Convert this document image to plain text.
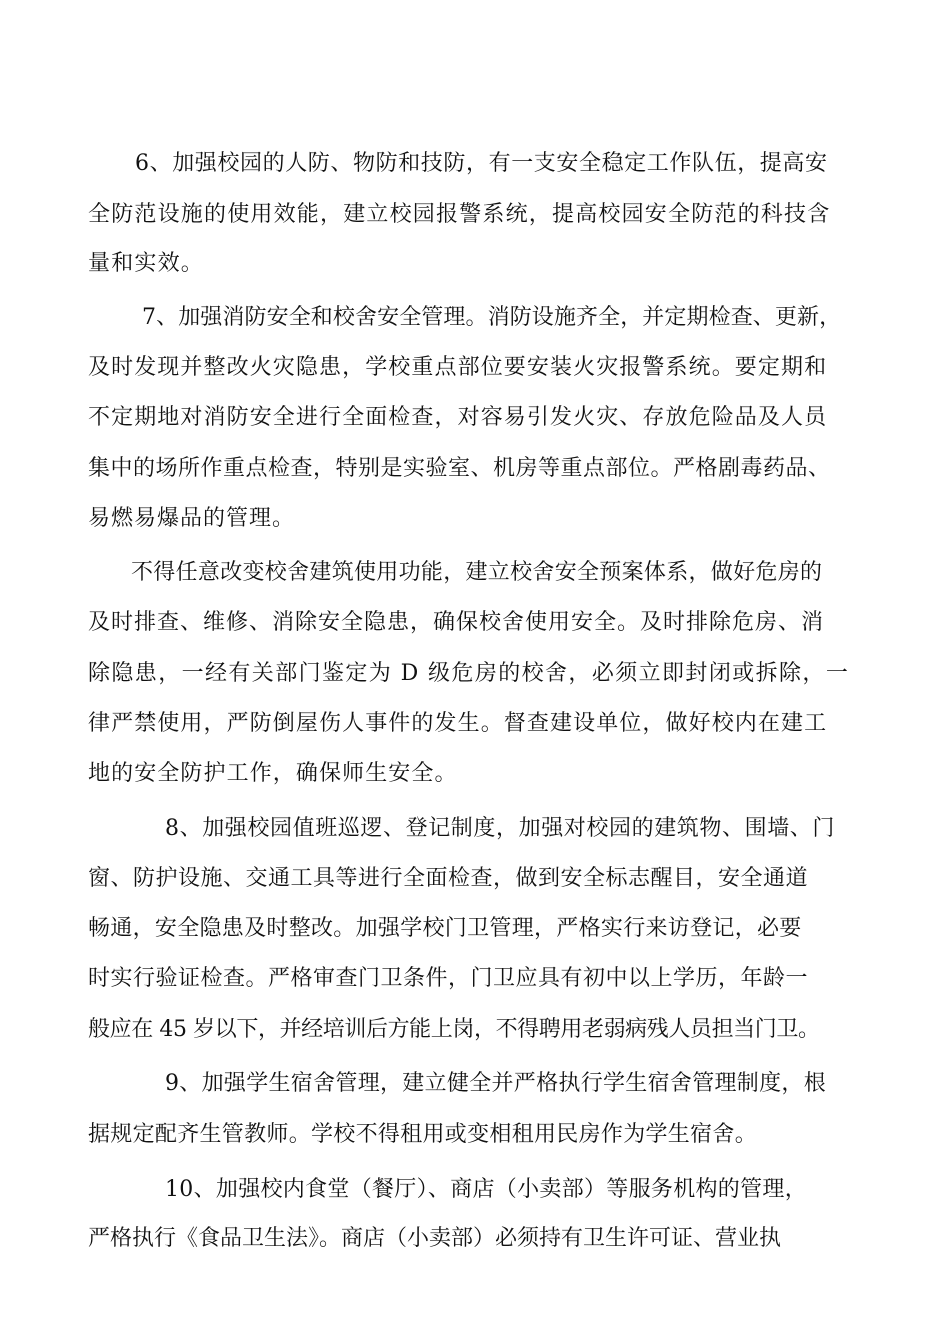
6、加强校园的人防、物防和技防，有一支安全稳定工作队伍，提高安
全防范设施的使用效能，建立校园报警系统，提高校园安全防范的科技含
量和实效。
7、加强消防安全和校舍安全管理。消防设施齐全，并定期检查、更新，
及时发现并整改火灾隐患，学校重点部位要安装火灾报警系统。要定期和
不定期地对消防安全进行全面检查，对容易引发火灾、存放危险品及人员
集中的场所作重点检查，特别是实验室、机房等重点部位。严格剧毒药品、
易燃易爆品的管理。
不得任意改变校舍建筑使用功能，建立校舍安全预案体系，做好危房的
及时排查、维修、消除安全隐患，确保校舍使用安全。及时排除危房、消
除隐患，一经有关部门鉴定为 D 级危房的校舍，必须立即封闭或拆除，一
律严禁使用，严防倒屋伤人事件的发生。督查建设单位，做好校内在建工
地的安全防护工作，确保师生安全。
8、加强校园值班巡逻、登记制度，加强对校园的建筑物、围墙、门
窗、防护设施、交通工具等进行全面检查，做到安全标志醒目，安全通道
畅通，安全隐患及时整改。加强学校门卫管理，严格实行来访登记，必要
时实行验证检查。严格审查门卫条件，门卫应具有初中以上学历，年龄一
般应在 45 岁以下，并经培训后方能上岗，不得聘用老弱病残人员担当门卫。
9、加强学生宿舍管理，建立健全并严格执行学生宿舍管理制度，根
据规定配齐生管教师。学校不得租用或变相租用民房作为学生宿舍。
10、加强校内食堂（餐厅）、商店（小卖部）等服务机构的管理，
严格执行《食品卫生法》。商店（小卖部）必须持有卫生许可证、营业执
